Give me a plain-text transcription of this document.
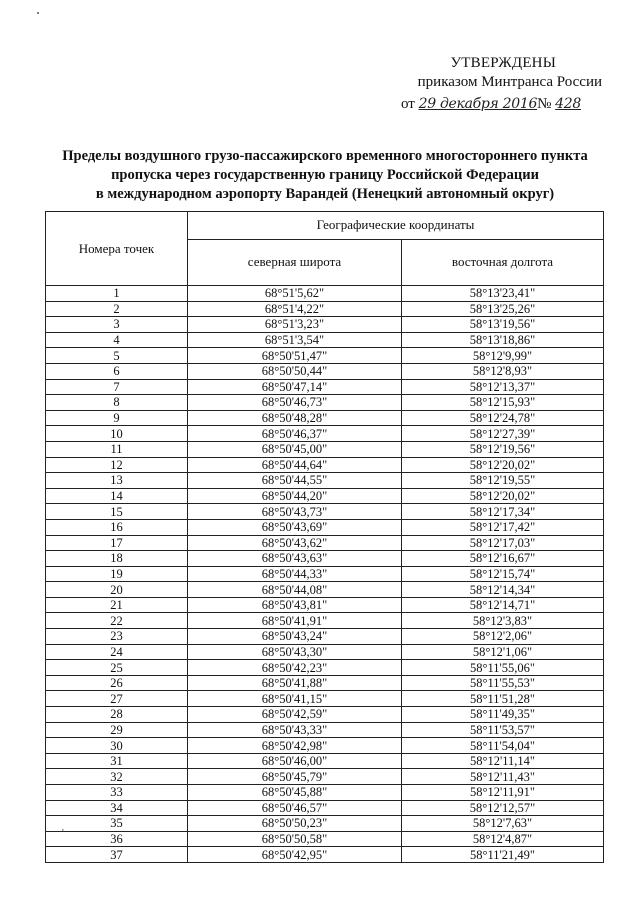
УТВЕРЖДЕНЫ
приказом Минтранса России
от 29 декабря 2016№ 428
Пределы воздушного грузо-пассажирского временного многостороннего пункта
пропуска через государственную границу Российской Федерации
в международном аэропорту Варандей (Ненецкий автономный округ)
Номера точек	Географические координаты	
	северная широта	восточная долгота
1	68°51'5,62"	58°13'23,41"
2	68°51'4,22"	58°13'25,26"
3	68°51'3,23"	58°13'19,56"
4	68°51'3,54"	58°13'18,86"
5	68°50'51,47"	58°12'9,99"
6	68°50'50,44"	58°12'8,93"
7	68°50'47,14"	58°12'13,37"
8	68°50'46,73"	58°12'15,93"
9	68°50'48,28"	58°12'24,78"
10	68°50'46,37"	58°12'27,39"
11	68°50'45,00"	58°12'19,56"
12	68°50'44,64"	58°12'20,02"
13	68°50'44,55"	58°12'19,55"
14	68°50'44,20"	58°12'20,02"
15	68°50'43,73"	58°12'17,34"
16	68°50'43,69"	58°12'17,42"
17	68°50'43,62"	58°12'17,03"
18	68°50'43,63"	58°12'16,67"
19	68°50'44,33"	58°12'15,74"
20	68°50'44,08"	58°12'14,34"
21	68°50'43,81"	58°12'14,71"
22	68°50'41,91"	58°12'3,83"
23	68°50'43,24"	58°12'2,06"
24	68°50'43,30"	58°12'1,06"
25	68°50'42,23"	58°11'55,06"
26	68°50'41,88"	58°11'55,53"
27	68°50'41,15"	58°11'51,28"
28	68°50'42,59"	58°11'49,35"
29	68°50'43,33"	58°11'53,57"
30	68°50'42,98"	58°11'54,04"
31	68°50'46,00"	58°12'11,14"
32	68°50'45,79"	58°12'11,43"
33	68°50'45,88"	58°12'11,91"
34	68°50'46,57"	58°12'12,57"
35	68°50'50,23"	58°12'7,63"
36	68°50'50,58"	58°12'4,87"
37	68°50'42,95"	58°11'21,49"
'
